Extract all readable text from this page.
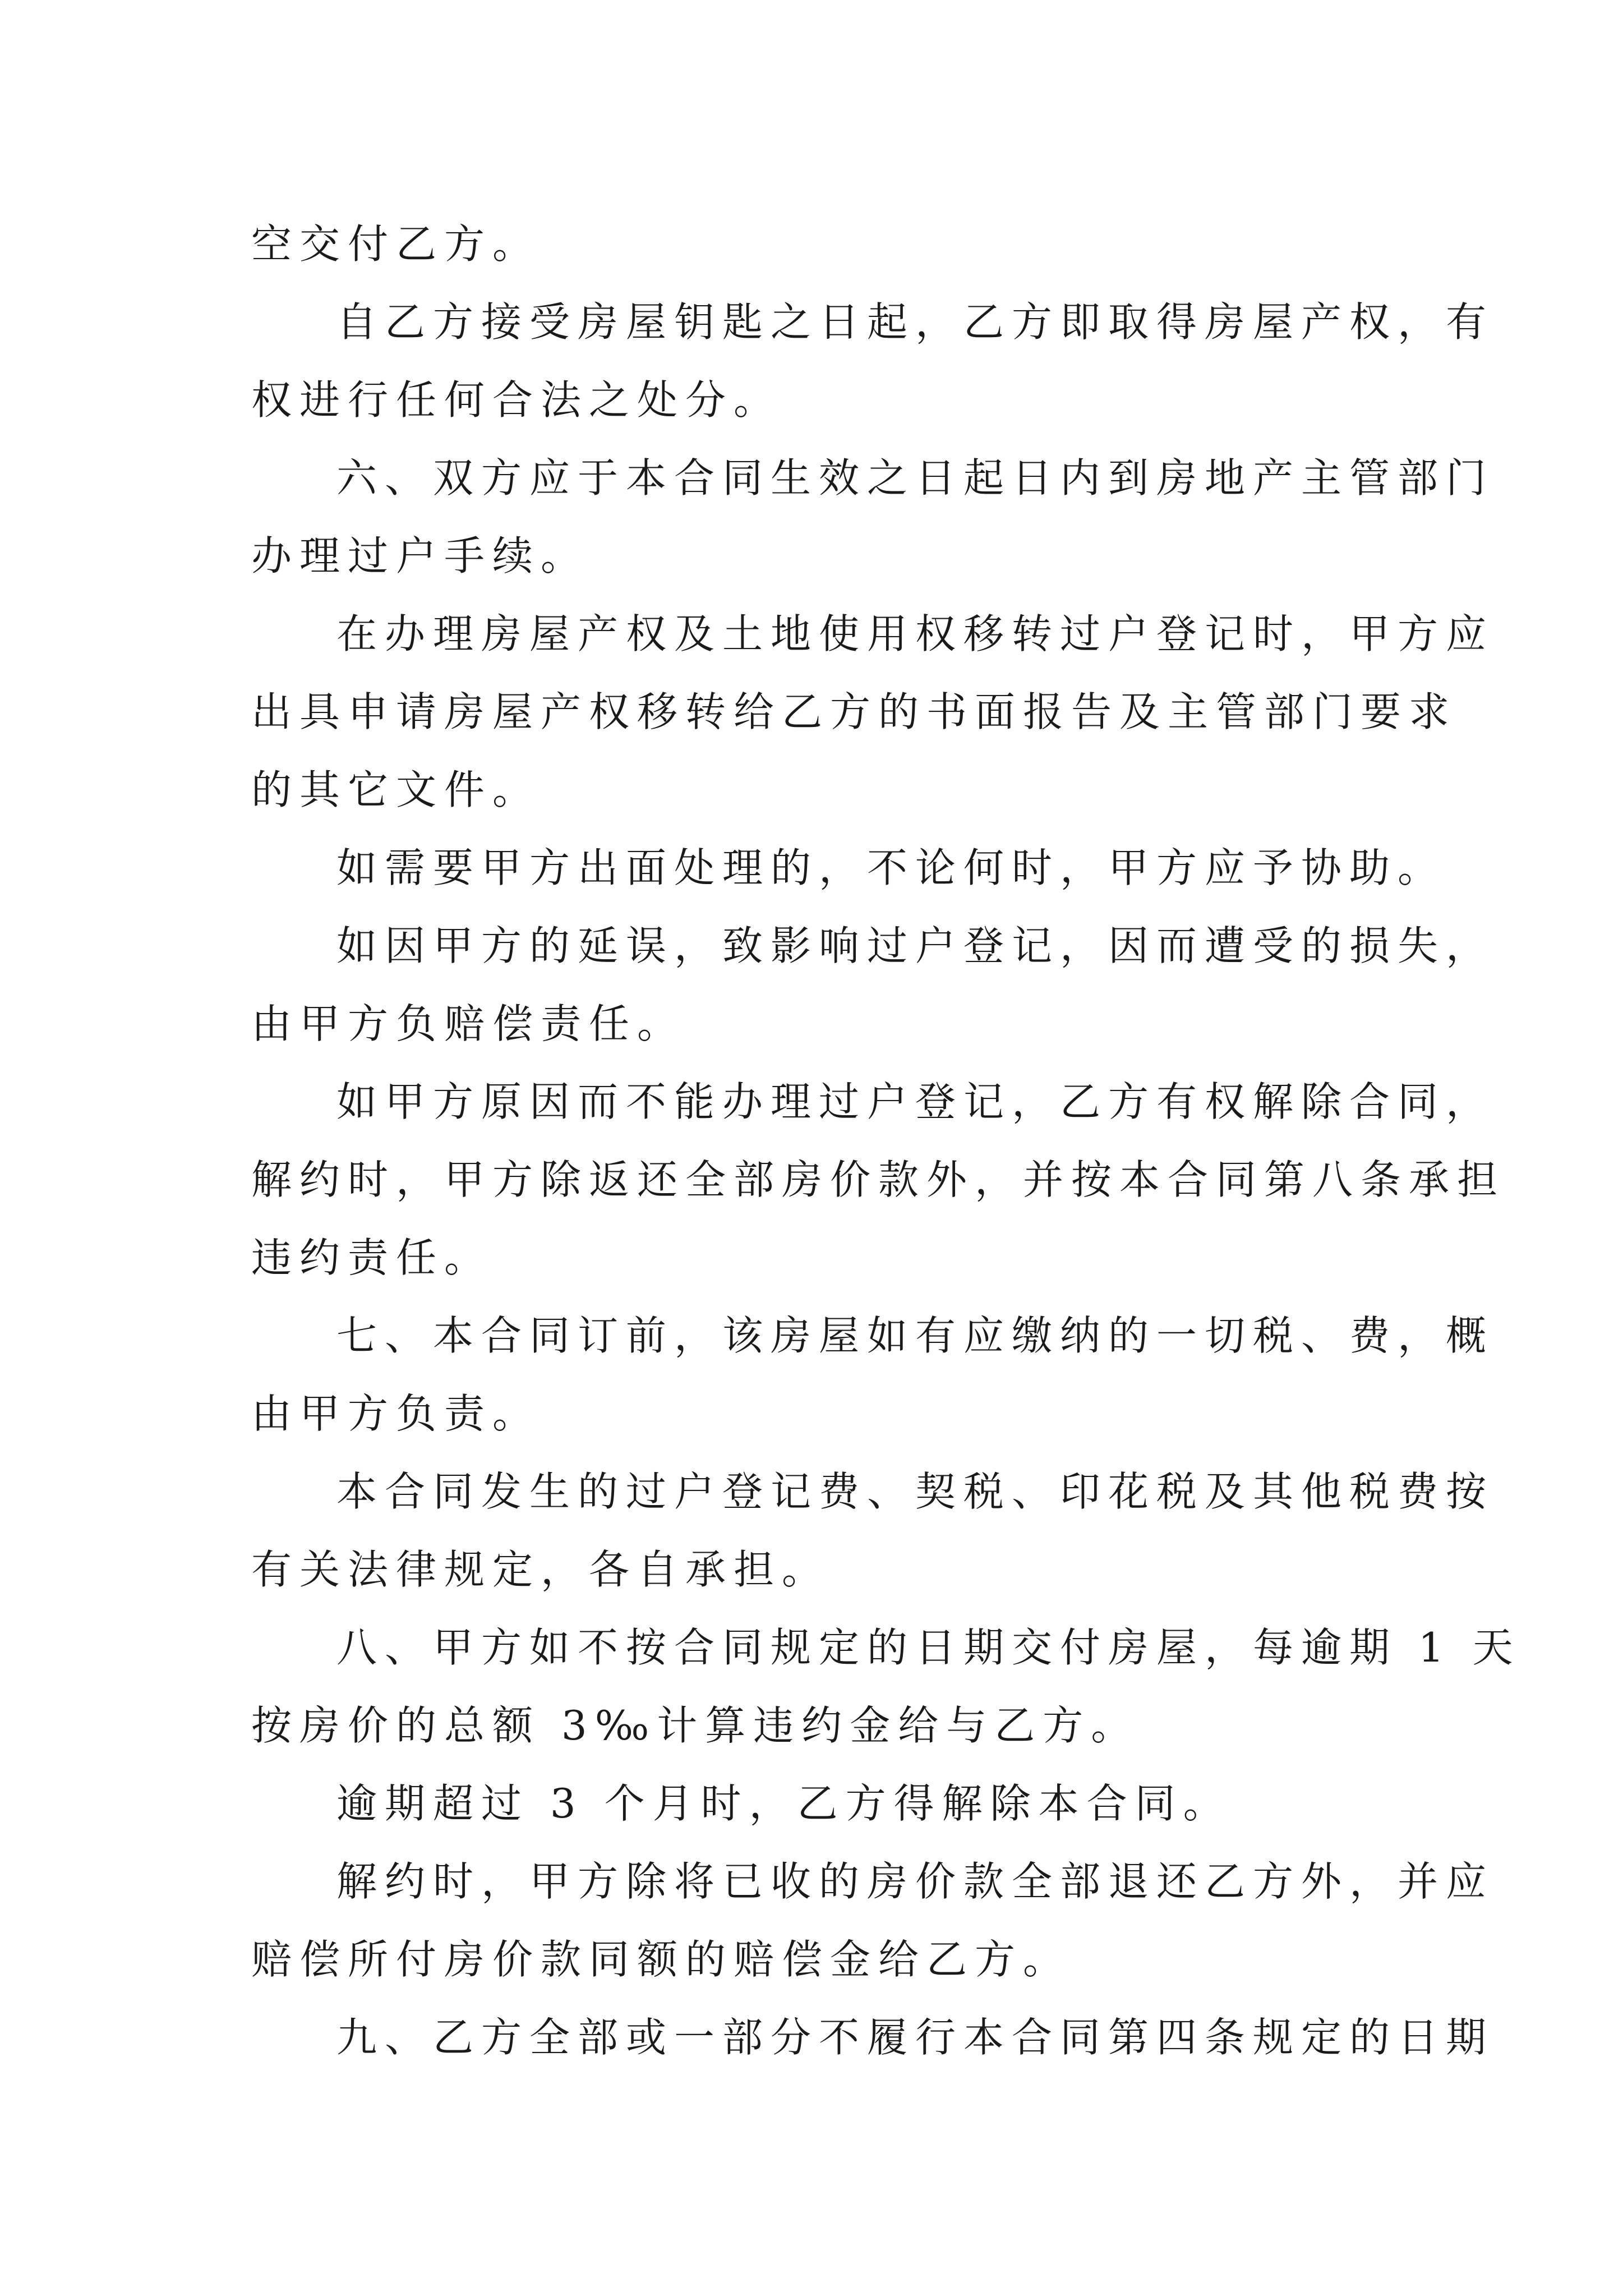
空交付乙方。
自乙方接受房屋钥匙之日起，乙方即取得房屋产权，有
权进行任何合法之处分。
六、双方应于本合同生效之日起日内到房地产主管部门
办理过户手续。
在办理房屋产权及土地使用权移转过户登记时，甲方应
出具申请房屋产权移转给乙方的书面报告及主管部门要求
的其它文件。
如需要甲方出面处理的，不论何时，甲方应予协助。
如因甲方的延误，致影响过户登记，因而遭受的损失，
由甲方负赔偿责任。
如甲方原因而不能办理过户登记，乙方有权解除合同，
解约时，甲方除返还全部房价款外，并按本合同第八条承担
违约责任。
七、本合同订前，该房屋如有应缴纳的一切税、费，概
由甲方负责。
本合同发生的过户登记费、契税、印花税及其他税费按
有关法律规定，各自承担。
八、甲方如不按合同规定的日期交付房屋，每逾期 1 天
按房价的总额 3‰计算违约金给与乙方。
逾期超过 3 个月时，乙方得解除本合同。
解约时，甲方除将已收的房价款全部退还乙方外，并应
赔偿所付房价款同额的赔偿金给乙方。
九、乙方全部或一部分不履行本合同第四条规定的日期
